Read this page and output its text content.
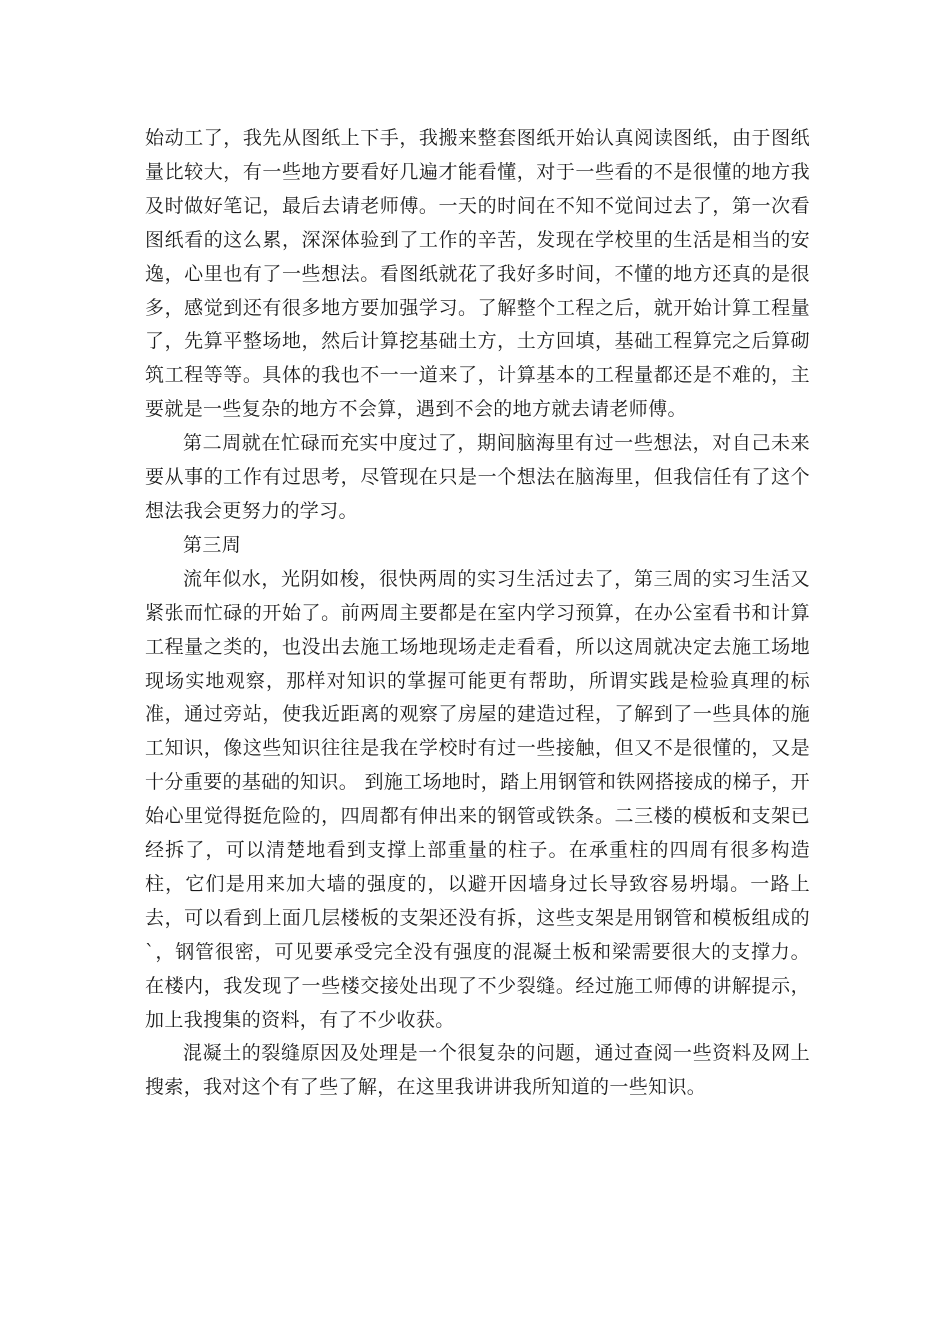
始动工了，我先从图纸上下手，我搬来整套图纸开始认真阅读图纸，由于图纸量比较大，有一些地方要看好几遍才能看懂，对于一些看的不是很懂的地方我及时做好笔记，最后去请老师傅。一天的时间在不知不觉间过去了，第一次看图纸看的这么累，深深体验到了工作的辛苦，发现在学校里的生活是相当的安逸，心里也有了一些想法。看图纸就花了我好多时间，不懂的地方还真的是很多，感觉到还有很多地方要加强学习。了解整个工程之后，就开始计算工程量了，先算平整场地，然后计算挖基础土方，土方回填，基础工程算完之后算砌筑工程等等。具体的我也不一一道来了，计算基本的工程量都还是不难的，主要就是一些复杂的地方不会算，遇到不会的地方就去请老师傅。

第二周就在忙碌而充实中度过了，期间脑海里有过一些想法，对自己未来要从事的工作有过思考，尽管现在只是一个想法在脑海里，但我信任有了这个想法我会更努力的学习。

第三周

流年似水，光阴如梭，很快两周的实习生活过去了，第三周的实习生活又紧张而忙碌的开始了。前两周主要都是在室内学习预算，在办公室看书和计算工程量之类的，也没出去施工场地现场走走看看，所以这周就决定去施工场地现场实地观察，那样对知识的掌握可能更有帮助，所谓实践是检验真理的标准，通过旁站，使我近距离的观察了房屋的建造过程，了解到了一些具体的施工知识，像这些知识往往是我在学校时有过一些接触，但又不是很懂的，又是十分重要的基础的知识。 到施工场地时，踏上用钢管和铁网搭接成的梯子，开始心里觉得挺危险的，四周都有伸出来的钢管或铁条。二三楼的模板和支架已经拆了，可以清楚地看到支撑上部重量的柱子。在承重柱的四周有很多构造柱，它们是用来加大墙的强度的，以避开因墙身过长导致容易坍塌。一路上去，可以看到上面几层楼板的支架还没有拆，这些支架是用钢管和模板组成的`，钢管很密，可见要承受完全没有强度的混凝土板和梁需要很大的支撑力。在楼内，我发现了一些楼交接处出现了不少裂缝。经过施工师傅的讲解提示，加上我搜集的资料，有了不少收获。

混凝土的裂缝原因及处理是一个很复杂的问题，通过查阅一些资料及网上搜索，我对这个有了些了解，在这里我讲讲我所知道的一些知识。
